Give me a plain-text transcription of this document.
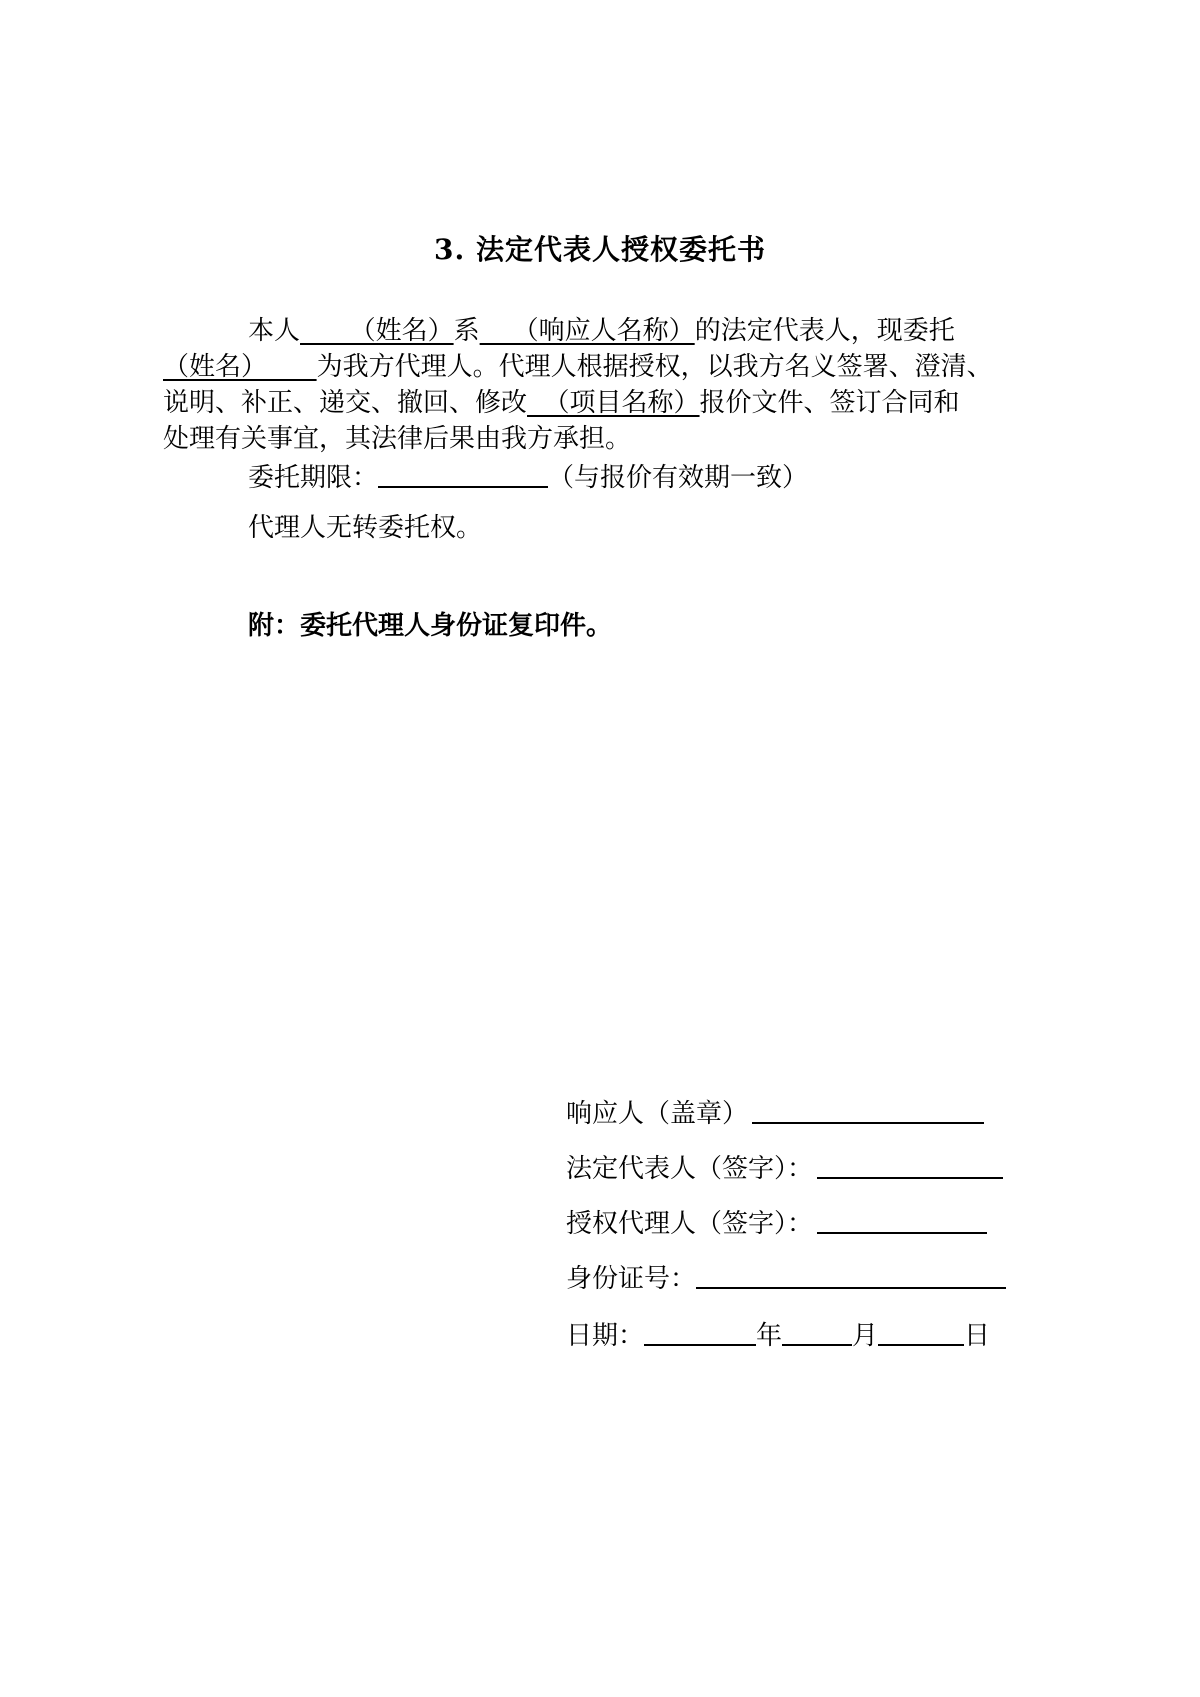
3. 法定代表人授权委托书
本人      （姓名）系    （响应人名称）的法定代表人，现委托
（姓名）      为我方代理人。代理人根据授权，以我方名义签署、澄清、
说明、补正、递交、撤回、修改  （项目名称）报价文件、签订合同和
处理有关事宜，其法律后果由我方承担。
委托期限：	（与报价有效期一致）
代理人无转委托权。
附：委托代理人身份证复印件。
响应人（盖章）
法定代表人（签字）：
授权代理人（签字）：
身份证号：
日期：	年	月	日
